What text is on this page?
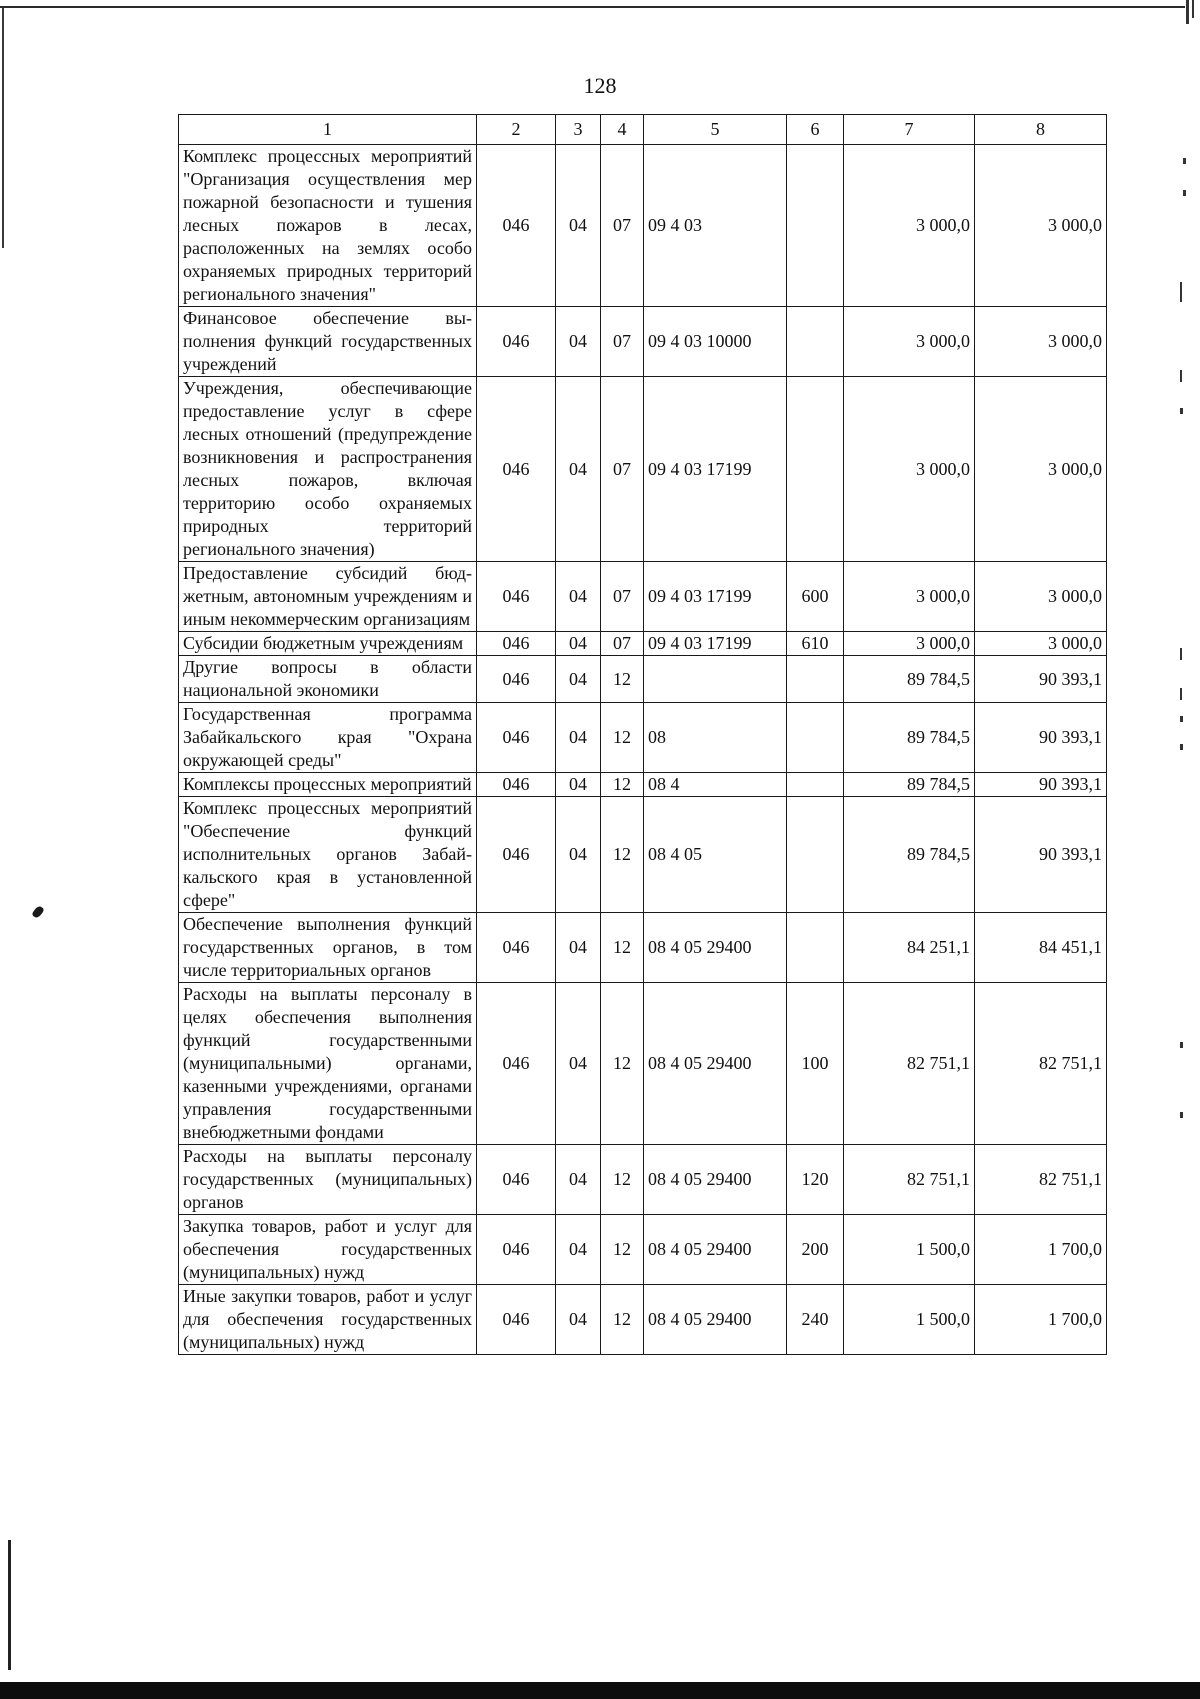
128
1	2	3	4	5	6	7	8
Комплекс процессных мероприятий "Организация осуществления мер пожарной безопасности и тушения лесных пожаров в лесах, расположенных на землях особо охраняемых природных территорий регионального значения"	046	04	07	09 4 03		3 000,0	3 000,0
Финансовое обеспечение выполнения функций государственных учреждений	046	04	07	09 4 03 10000		3 000,0	3 000,0
Учреждения, обеспечивающие предоставление услуг в сфере лесных отношений (предупреждение возникновения и распространения лесных пожаров, включая территорию особо охраняемых природных территорий регионального значения)	046	04	07	09 4 03 17199		3 000,0	3 000,0
Предоставление субсидий бюджетным, автономным учреждениям и иным некоммерческим организациям	046	04	07	09 4 03 17199	600	3 000,0	3 000,0
Субсидии бюджетным учреждениям	046	04	07	09 4 03 17199	610	3 000,0	3 000,0
Другие вопросы в области национальной экономики	046	04	12			89 784,5	90 393,1
Государственная программа Забайкальского края "Охрана окружающей среды"	046	04	12	08		89 784,5	90 393,1
Комплексы процессных мероприятий	046	04	12	08 4		89 784,5	90 393,1
Комплекс процессных мероприятий "Обеспечение функций исполнительных органов Забайкальского края в установленной сфере"	046	04	12	08 4 05		89 784,5	90 393,1
Обеспечение выполнения функций государственных органов, в том числе территориальных органов	046	04	12	08 4 05 29400		84 251,1	84 451,1
Расходы на выплаты персоналу в целях обеспечения выполнения функций государственными (муниципальными) органами, казенными учреждениями, органами управления государственными внебюджетными фондами	046	04	12	08 4 05 29400	100	82 751,1	82 751,1
Расходы на выплаты персоналу государственных (муниципальных) органов	046	04	12	08 4 05 29400	120	82 751,1	82 751,1
Закупка товаров, работ и услуг для обеспечения государственных (муниципальных) нужд	046	04	12	08 4 05 29400	200	1 500,0	1 700,0
Иные закупки товаров, работ и услуг для обеспечения государственных (муниципальных) нужд	046	04	12	08 4 05 29400	240	1 500,0	1 700,0
